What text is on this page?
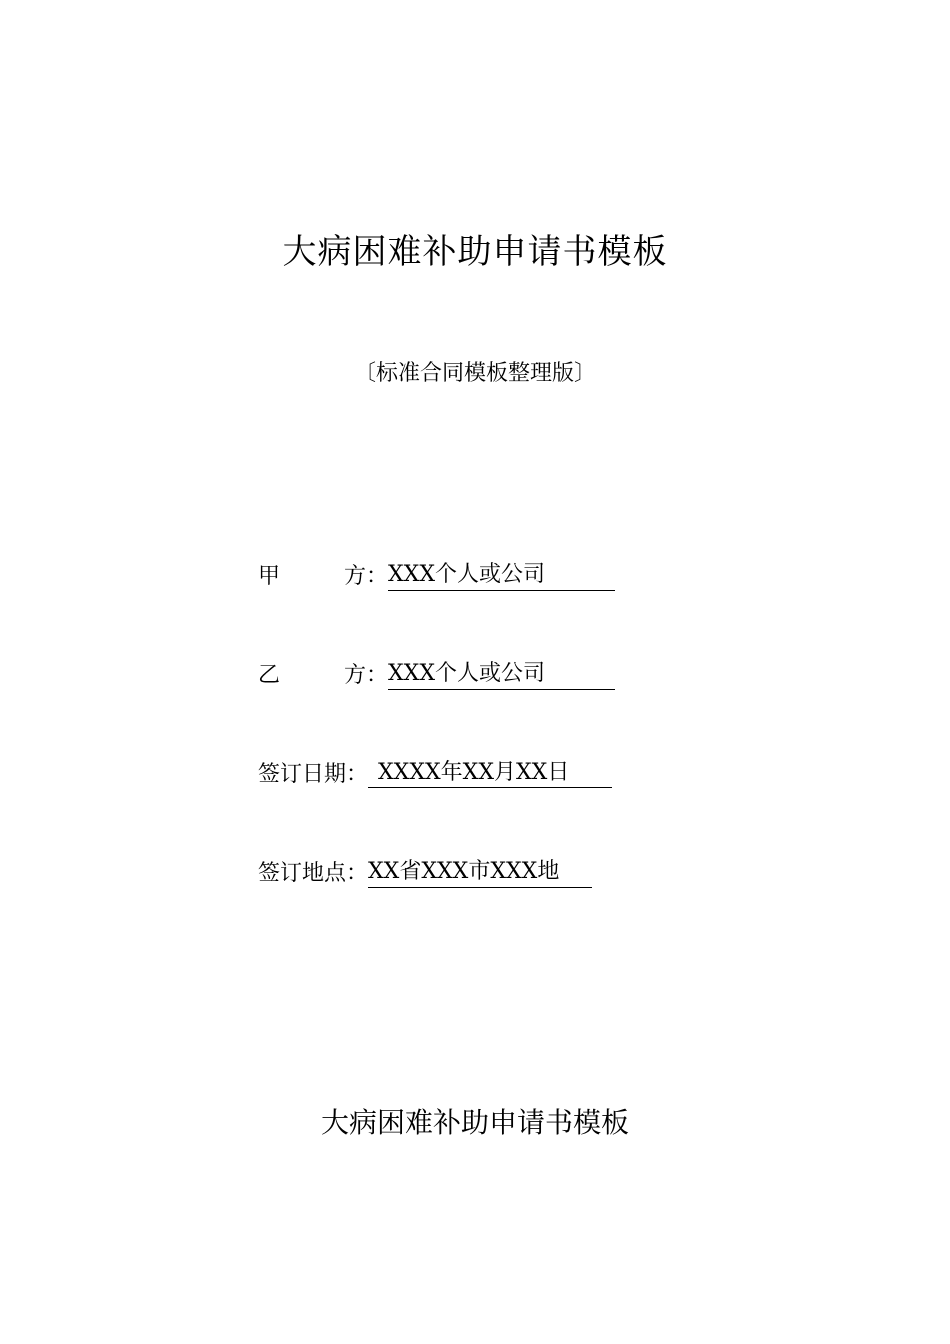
大病困难补助申请书模板
〔标准合同模板整理版〕
甲	方： XXX个人或公司
乙	方： XXX个人或公司
签订日期： XXXX年XX月XX日
签订地点：XX省XXX市XXX地
大病困难补助申请书模板
